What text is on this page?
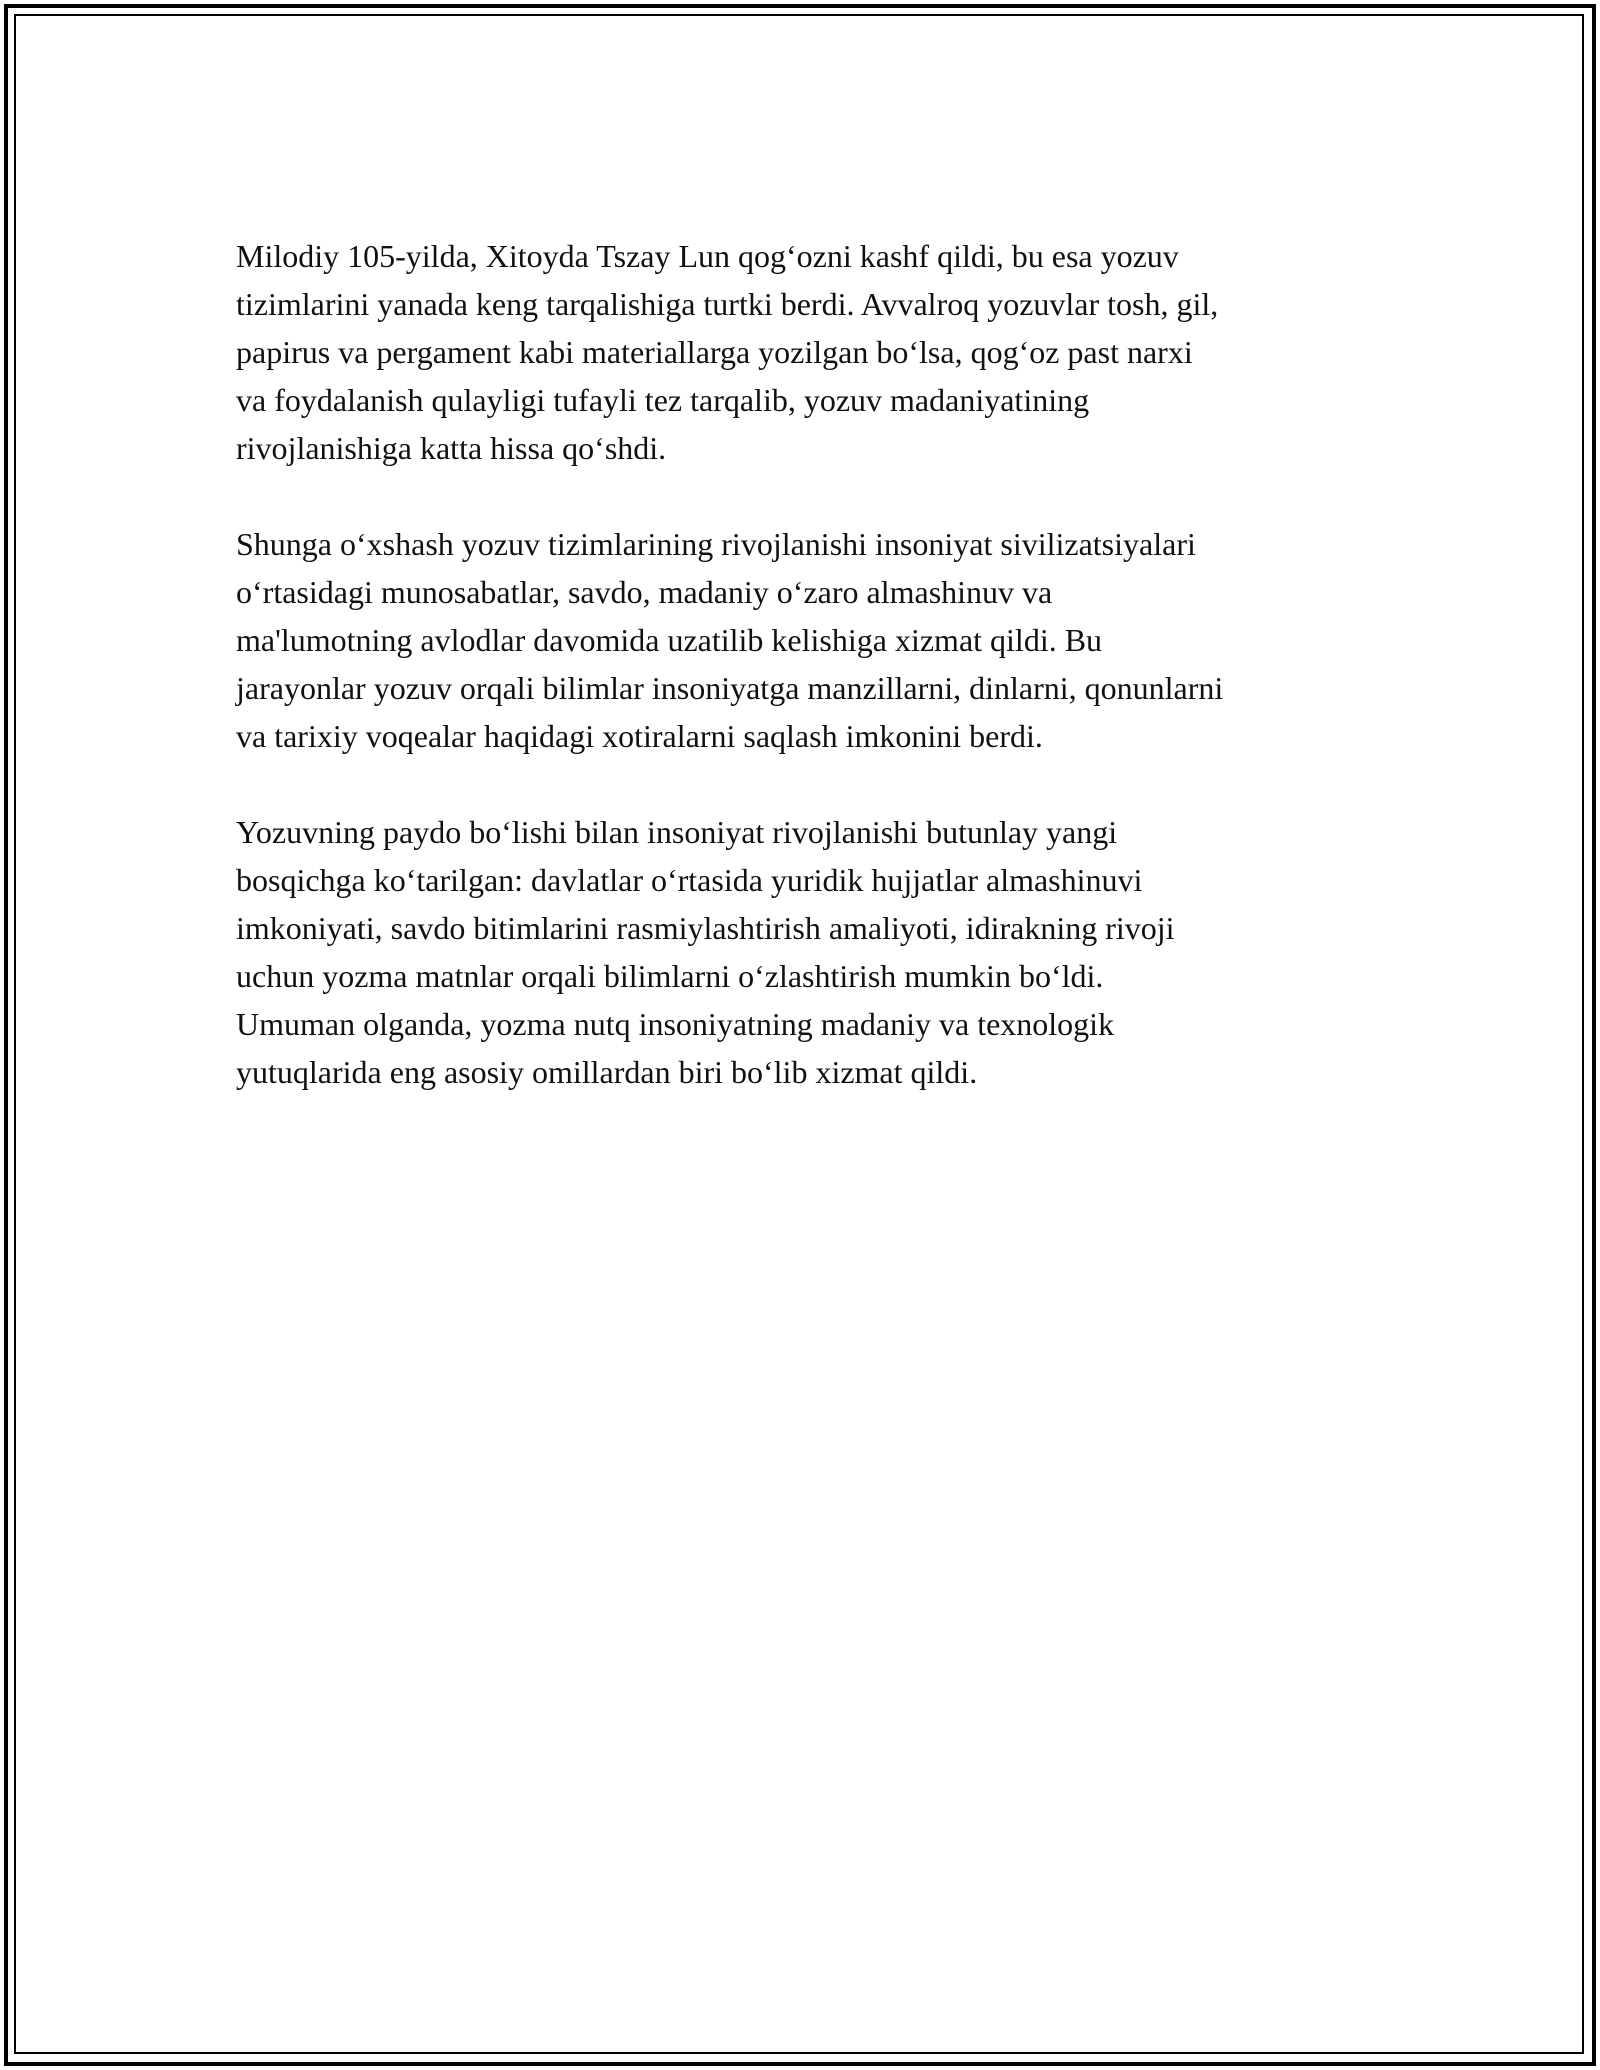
Milodiy 105-yilda, Xitoyda Tszay Lun qog‘ozni kashf qildi, bu esa yozuv
tizimlarini yanada keng tarqalishiga turtki berdi. Avvalroq yozuvlar tosh, gil,
papirus va pergament kabi materiallarga yozilgan bo‘lsa, qog‘oz past narxi
va foydalanish qulayligi tufayli tez tarqalib, yozuv madaniyatining
rivojlanishiga katta hissa qo‘shdi.

Shunga o‘xshash yozuv tizimlarining rivojlanishi insoniyat sivilizatsiyalari
o‘rtasidagi munosabatlar, savdo, madaniy o‘zaro almashinuv va
ma'lumotning avlodlar davomida uzatilib kelishiga xizmat qildi. Bu
jarayonlar yozuv orqali bilimlar insoniyatga manzillarni, dinlarni, qonunlarni
va tarixiy voqealar haqidagi xotiralarni saqlash imkonini berdi.

Yozuvning paydo bo‘lishi bilan insoniyat rivojlanishi butunlay yangi
bosqichga ko‘tarilgan: davlatlar o‘rtasida yuridik hujjatlar almashinuvi
imkoniyati, savdo bitimlarini rasmiylashtirish amaliyoti, idirakning rivoji
uchun yozma matnlar orqali bilimlarni o‘zlashtirish mumkin bo‘ldi.
Umuman olganda, yozma nutq insoniyatning madaniy va texnologik
yutuqlarida eng asosiy omillardan biri bo‘lib xizmat qildi.
